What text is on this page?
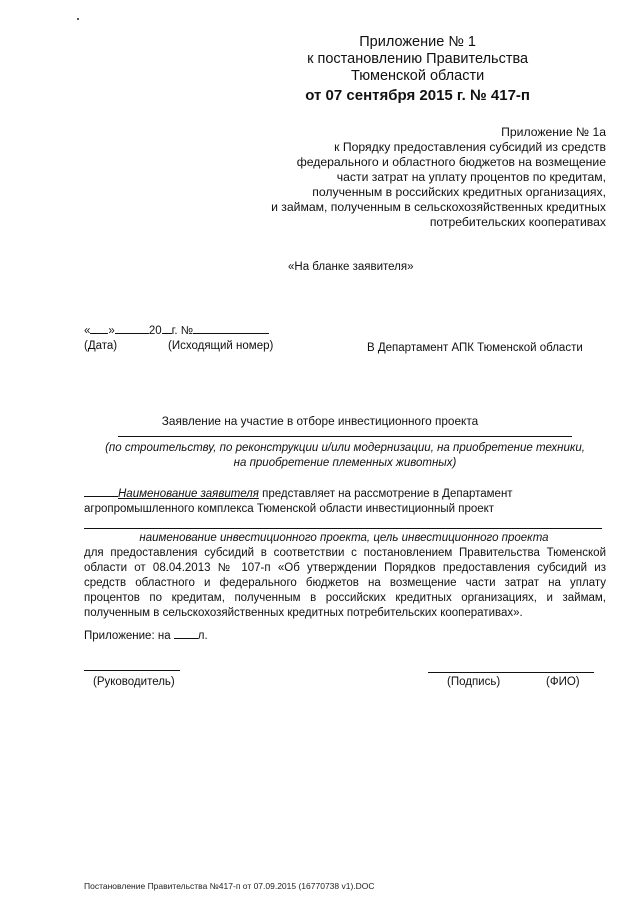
Приложение № 1
к постановлению Правительства
Тюменской области
от 07 сентября 2015 г. № 417-п
Приложение № 1а
к Порядку предоставления субсидий из средств
федерального и областного бюджетов на возмещение
части затрат на уплату процентов по кредитам,
полученным в российских кредитных организациях,
и займам, полученным в сельскохозяйственных кредитных
потребительских кооперативах
«На бланке заявителя»
« »	20 г. №
(Дата)	(Исходящий номер)	В Департамент АПК Тюменской области
Заявление на участие в отборе инвестиционного проекта
(по строительству, по реконструкции и/или модернизации, на приобретение техники, на приобретение племенных животных)
Наименование заявителя представляет на рассмотрение в Департамент агропромышленного комплекса Тюменской области инвестиционный проект
наименование инвестиционного проекта, цель инвестиционного проекта
для предоставления субсидий в соответствии с постановлением Правительства Тюменской области от 08.04.2013 № 107-п «Об утверждении Порядков предоставления субсидий из средств областного и федерального бюджетов на возмещение части затрат на уплату процентов по кредитам, полученным в российских кредитных организациях, и займам, полученным в сельскохозяйственных кредитных потребительских кооперативах».
Приложение: на л.
(Руководитель)	(Подпись)	(ФИО)
Постановление Правительства №417-п от 07.09.2015 (16770738 v1).DOC
